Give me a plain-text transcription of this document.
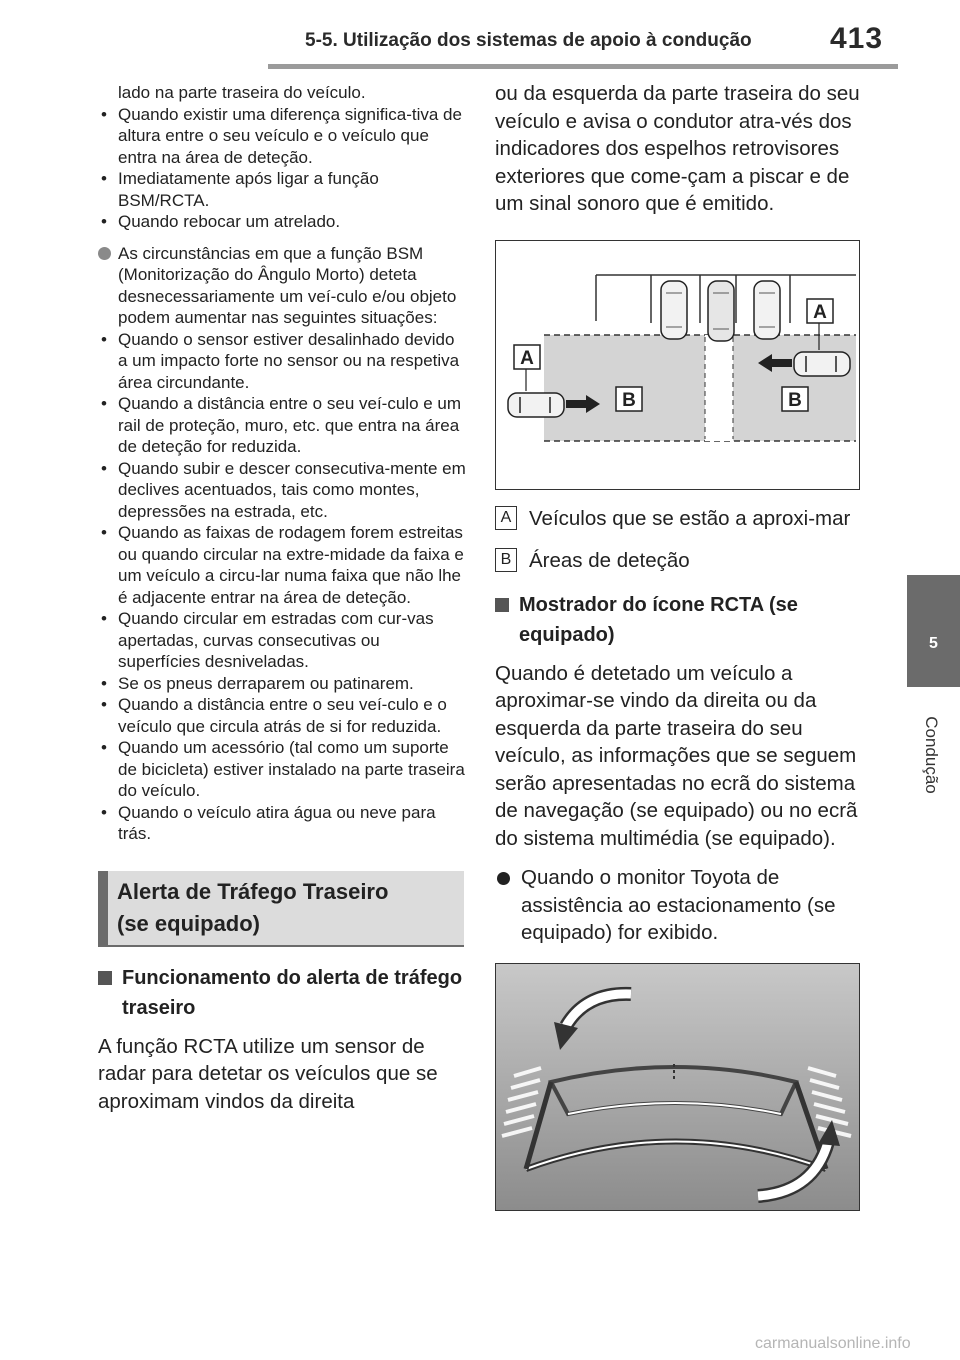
5-5. Utilização dos sistemas de apoio à condução	413
5
Condução
lado na parte traseira do veículo.
• Quando existir uma diferença significa-tiva de altura entre o seu veículo e o veículo que entra na área de deteção.
• Imediatamente após ligar a função BSM/RCTA.
• Quando rebocar um atrelado.
As circunstâncias em que a função BSM (Monitorização do Ângulo Morto) deteta desnecessariamente um veí-culo e/ou objeto podem aumentar nas seguintes situações:
• Quando o sensor estiver desalinhado devido a um impacto forte no sensor ou na respetiva área circundante.
• Quando a distância entre o seu veí-culo e um rail de proteção, muro, etc. que entra na área de deteção for reduzida.
• Quando subir e descer consecutiva-mente em declives acentuados, tais como montes, depressões na estrada, etc.
• Quando as faixas de rodagem forem estreitas ou quando circular na extre-midade da faixa e um veículo a circu-lar numa faixa que não lhe é adjacente entrar na área de deteção.
• Quando circular em estradas com cur-vas apertadas, curvas consecutivas ou superfícies desniveladas.
• Se os pneus derraparem ou patinarem.
• Quando a distância entre o seu veí-culo e o veículo que circula atrás de si for reduzida.
• Quando um acessório (tal como um suporte de bicicleta) estiver instalado na parte traseira do veículo.
• Quando o veículo atira água ou neve para trás.
Alerta de Tráfego Traseiro
(se equipado)
Funcionamento do alerta de tráfego traseiro
A função RCTA utilize um sensor de radar para detetar os veículos que se aproximam vindos da direita
ou da esquerda da parte traseira do seu veículo e avisa o condutor atra-vés dos indicadores dos espelhos retrovisores exteriores que come-çam a piscar e de um sinal sonoro que é emitido.
A
A
B	B
A Veículos que se estão a aproxi-mar
B Áreas de deteção
Mostrador do ícone RCTA (se equipado)
Quando é detetado um veículo a aproximar-se vindo da direita ou da esquerda da parte traseira do seu veículo, as informações que se seguem serão apresentadas no ecrã do sistema de navegação (se equipado) ou no ecrã do sistema multimédia (se equipado).
Quando o monitor Toyota de assistência ao estacionamento (se equipado) for exibido.
carmanualsonline.info
